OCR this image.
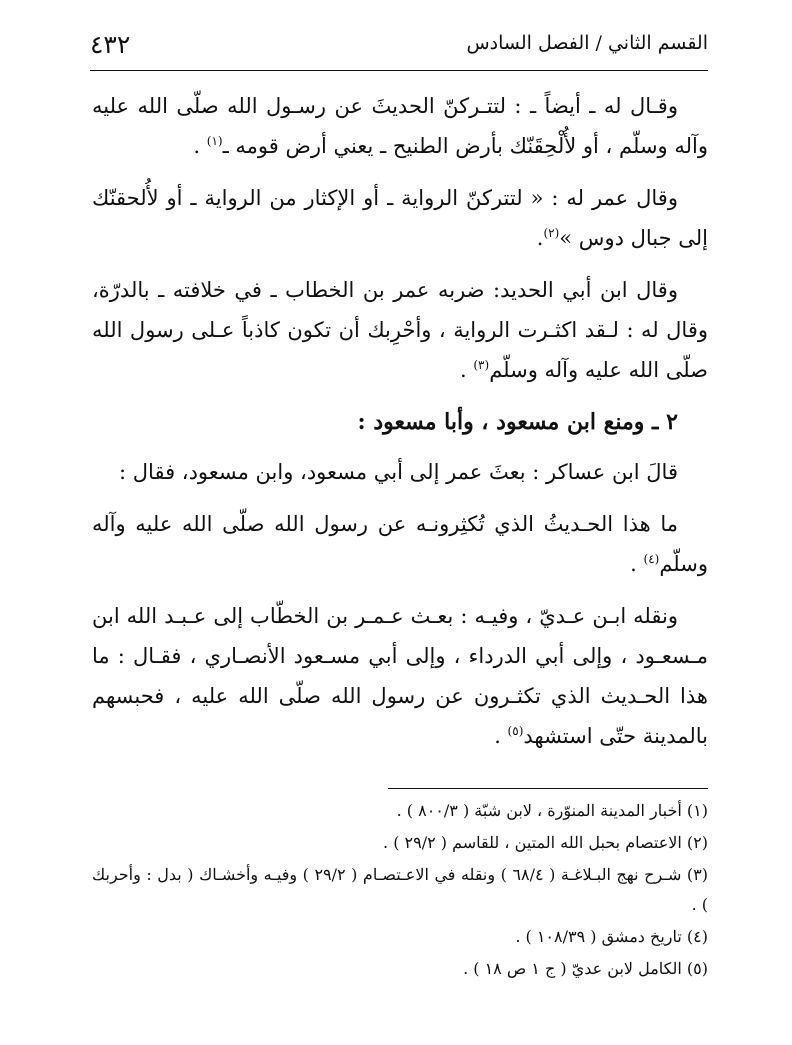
٤٣٢	القسم الثاني / الفصل السادس

وقـال له ـ أيضاً ـ : لتتـركنّ الحديثَ عن رسـول الله صلّى الله عليه وآله وسلّم ، أو لأُلْحِقَنّك بأرض الطنيح ـ يعني أرض قومه ـ$^{(١)}$ .

وقال عمر له : « لتتركنّ الرواية ـ أو الإكثار من الرواية ـ أو لأُلحقنّك إلى جبال دوس »$^{(٢)}$.

وقال ابن أبي الحديد: ضربه عمر بن الخطاب ـ في خلافته ـ بالدرّة، وقال له : لـقد اكثـرت الرواية ، وأحْرِبك أن تكون كاذباً عـلى رسول الله صلّى الله عليه وآله وسلّم$^{(٣)}$ .

٢ ـ ومنع ابن مسعود ، وأبا مسعود :

قالَ ابن عساكر : بعثَ عمر إلى أبي مسعود، وابن مسعود، فقال :

ما هذا الحـديثُ الذي تُكثِرونـه عن رسول الله صلّى الله عليه وآله وسلّم$^{(٤)}$ .

ونقله ابـن عـديّ ، وفيـه : بعـث عـمـر بن الخطّاب إلى عـبـد الله ابن مـسعـود ، وإلى أبي الدرداء ، وإلى أبي مسـعود الأنصـاري ، فقـال : ما هذا الحـديث الذي تكثـرون عن رسول الله صلّى الله عليه ، فحبسهم بالمدينة حتّى استشهد$^{(٥)}$ .

(١) أخبار المدينة المنوّرة ، لابن شبّة ( ٨٠٠/٣ ) .

(٢) الاعتصام بحبل الله المتين ، للقاسم ( ٢٩/٢ ) .

(٣) شـرح نهج البـلاغـة ( ٦٨/٤ ) ونقله في الاعـتصـام ( ٢٩/٢ ) وفيـه وأخشـاك ( بدل : وأحربك ) .

(٤) تاريخ دمشق ( ١٠٨/٣٩ ) .

(٥) الكامل لابن عديّ ( ج ١ ص ١٨ ) .
